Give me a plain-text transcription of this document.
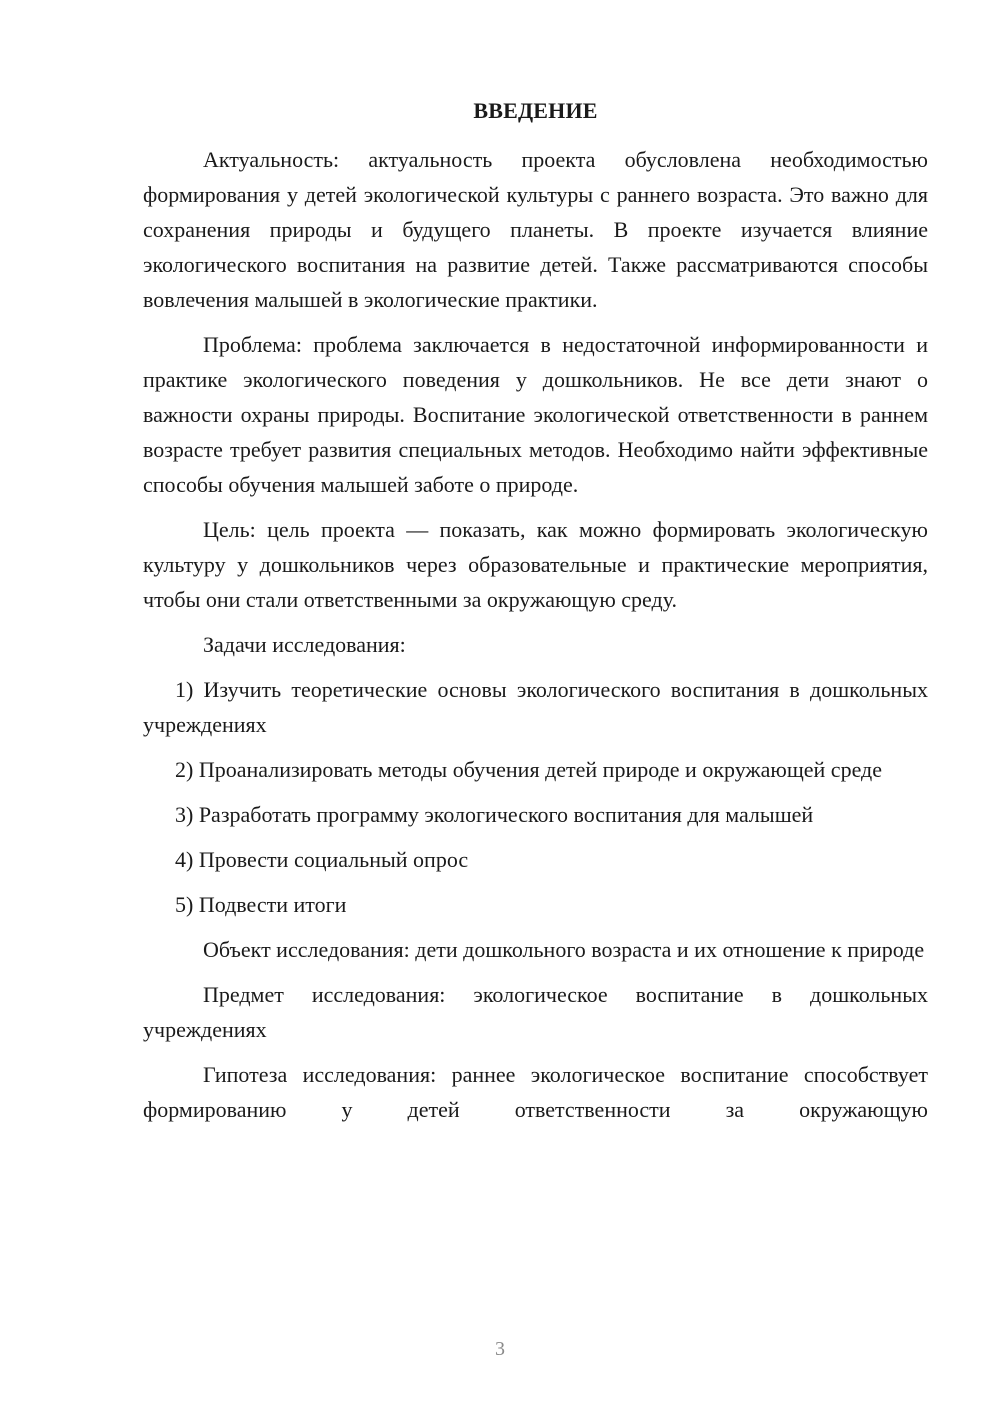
ВВЕДЕНИЕ

Актуальность: актуальность проекта обусловлена необходимостью формирования у детей экологической культуры с раннего возраста. Это важно для сохранения природы и будущего планеты. В проекте изучается влияние экологического воспитания на развитие детей. Также рассматриваются способы вовлечения малышей в экологические практики.

Проблема: проблема заключается в недостаточной информированности и практике экологического поведения у дошкольников. Не все дети знают о важности охраны природы. Воспитание экологической ответственности в раннем возрасте требует развития специальных методов. Необходимо найти эффективные способы обучения малышей заботе о природе.

Цель: цель проекта — показать, как можно формировать экологическую культуру у дошкольников через образовательные и практические мероприятия, чтобы они стали ответственными за окружающую среду.

Задачи исследования:

1) Изучить теоретические основы экологического воспитания в дошкольных учреждениях

2) Проанализировать методы обучения детей природе и окружающей среде

3) Разработать программу экологического воспитания для малышей

4) Провести социальный опрос

5) Подвести итоги

Объект исследования: дети дошкольного возраста и их отношение к природе

Предмет исследования: экологическое воспитание в дошкольных учреждениях

Гипотеза исследования: раннее экологическое воспитание способствует формированию у детей ответственности за окружающую

3
